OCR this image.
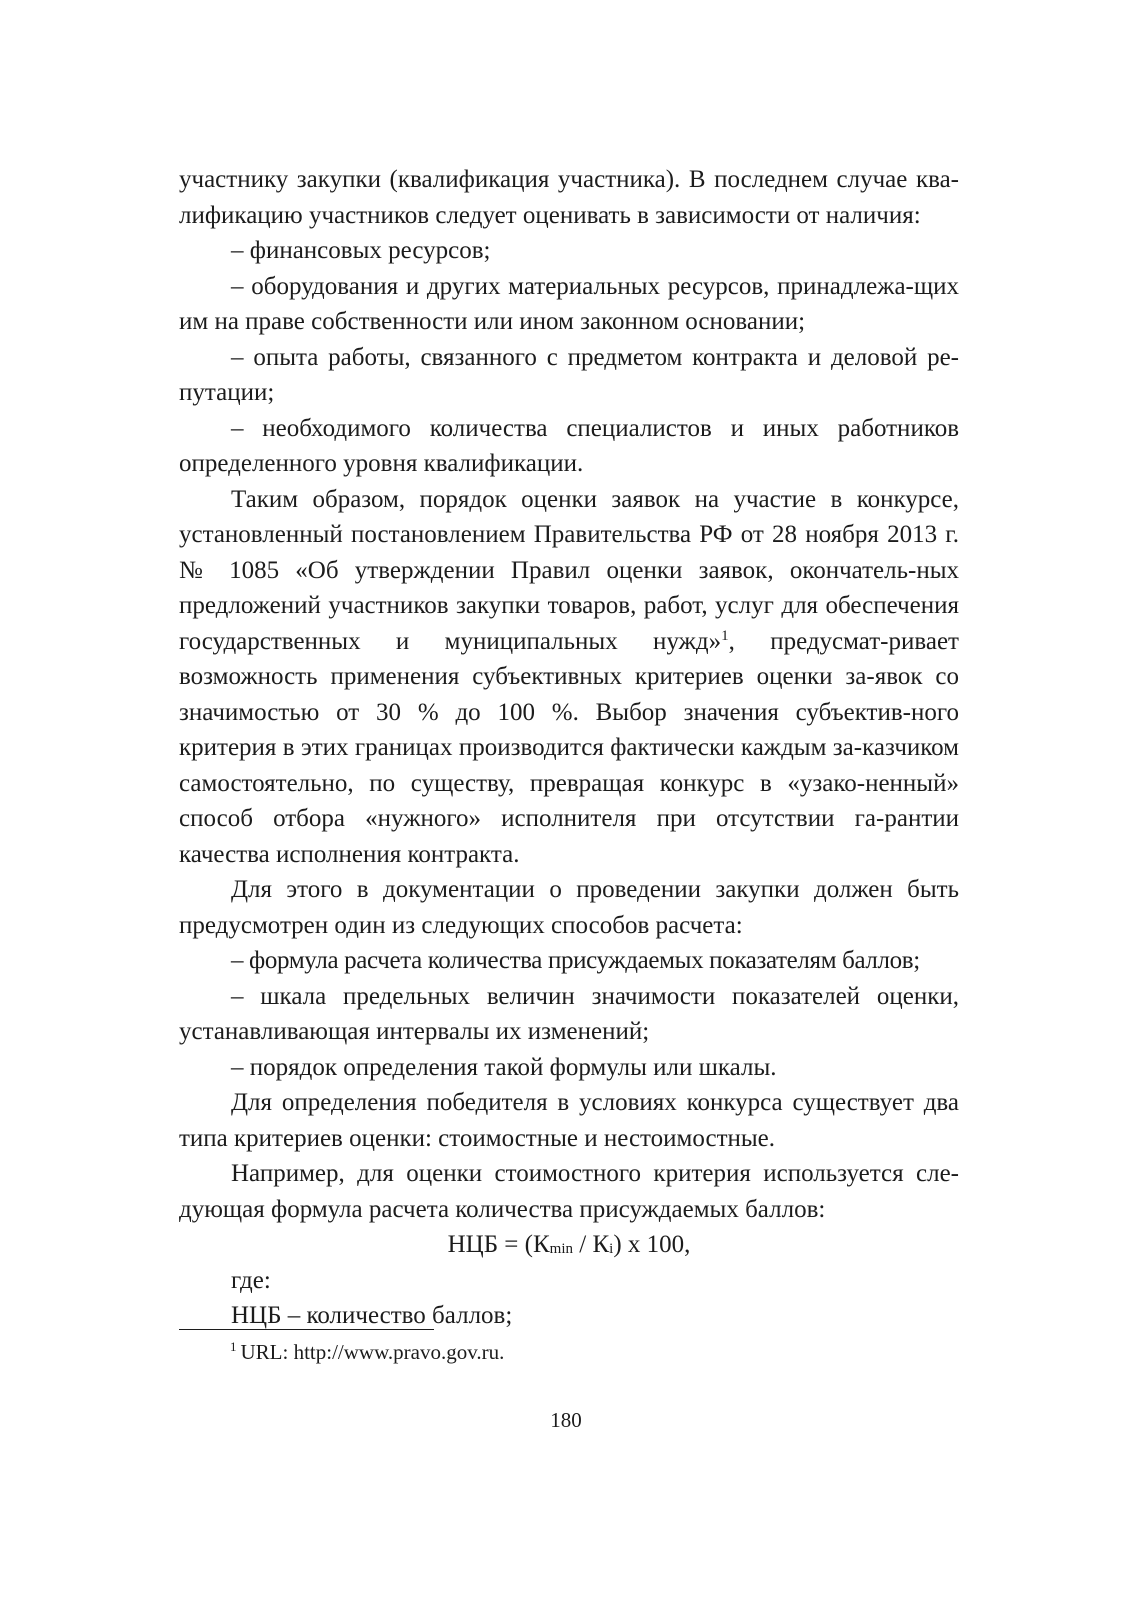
участнику закупки (квалификация участника). В последнем случае ква-лификацию участников следует оценивать в зависимости от наличия:

– финансовых ресурсов;

– оборудования и других материальных ресурсов, принадлежа-щих им на праве собственности или ином законном основании;

– опыта работы, связанного с предметом контракта и деловой ре-путации;

– необходимого количества специалистов и иных работников определенного уровня квалификации.

Таким образом, порядок оценки заявок на участие в конкурсе, установленный постановлением Правительства РФ от 28 ноября 2013 г. № 1085 «Об утверждении Правил оценки заявок, окончатель-ных предложений участников закупки товаров, работ, услуг для обеспечения государственных и муниципальных нужд»$^1$, предусмат-ривает возможность применения субъективных критериев оценки за-явок со значимостью от 30 % до 100 %. Выбор значения субъектив-ного критерия в этих границах производится фактически каждым за-казчиком самостоятельно, по существу, превращая конкурс в «узако-ненный» способ отбора «нужного» исполнителя при отсутствии га-рантии качества исполнения контракта.

Для этого в документации о проведении закупки должен быть предусмотрен один из следующих способов расчета:

– формула расчета количества присуждаемых показателям баллов;

– шкала предельных величин значимости показателей оценки, устанавливающая интервалы их изменений;

– порядок определения такой формулы или шкалы.

Для определения победителя в условиях конкурса существует два типа критериев оценки: стоимостные и нестоимостные.

Например, для оценки стоимостного критерия используется сле-дующая формула расчета количества присуждаемых баллов:

НЦБ = $(К_{min} / К_i)$ x 100,

где:

НЦБ – количество баллов;

$^1$ URL: http://www.pravo.gov.ru.
180
